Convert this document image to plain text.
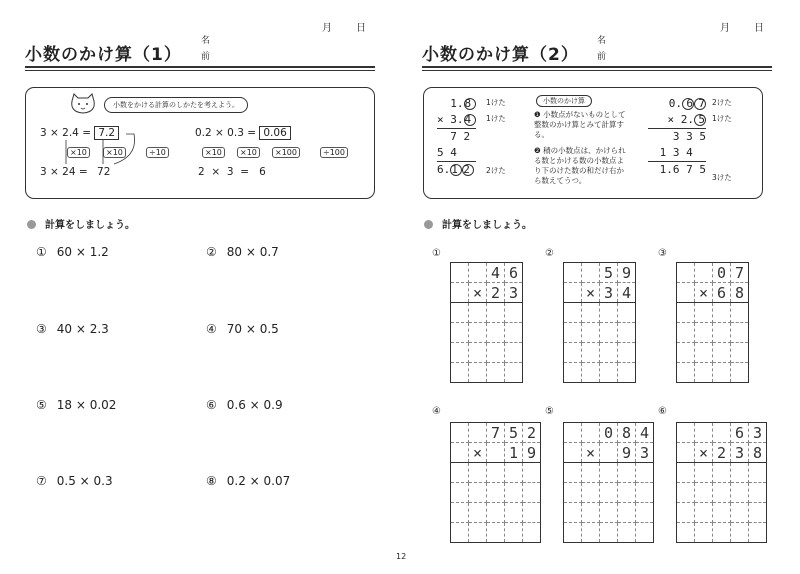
月 日
小数のかけ算（1）
名
前
小数をかける計算のしかたを考えよう。
3 × 2.4 = 7.2
×10	×10	÷10
3 × 24 = 72
0.2 × 0.3 = 0.06
×10	×10	×100	÷100
2 × 3 = 6
計算をしましょう。
① 60 × 1.2	② 80 × 0.7
③ 40 × 2.3	④ 70 × 0.5
⑤ 18 × 0.02	⑥ 0.6 × 0.9
⑦ 0.5 × 0.3	⑧ 0.2 × 0.07
月 日
小数のかけ算（2）
名
前
1.8
× 3.4
7 2
5 4
6.1 2
1けた
1けた
2けた
小数のかけ算
❶ 小数点がないものとして整数のかけ算とみて計算する。
❷ 積の小数点は、かけられる数とかける数の小数点より下のけた数の和だけ右から数えてうつ。
0. 6 7
× 2. 5
3 3 5
1 3 4
1.6 7 5
2けた
1けた
3けた
計算をしましょう。
①
		4	6
	×	2	3

②
		5	9
	×	3	4

③
		0	7
	×	6	8

④
		7	5	2
	×		1	9

⑤
		0	8	4
	×		9	3

⑥
			6	3
	×	2	3	8

12
